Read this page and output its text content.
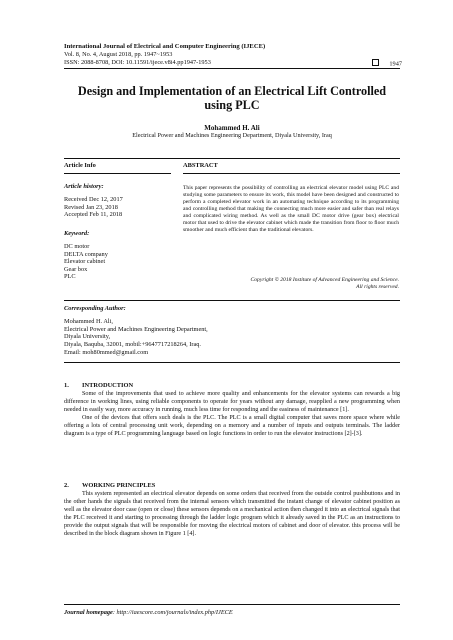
International Journal of Electrical and Computer Engineering (IJECE)
Vol. 8, No. 4, August 2018, pp. 1947~1953
ISSN: 2088-8708, DOI: 10.11591/ijece.v8i4.pp1947-1953	1947
Design and Implementation of an Electrical Lift Controlled using PLC
Mohammed H. Ali
Electrical Power and Machines Engineering Department, Diyala University, Iraq
Article Info	ABSTRACT
Article history:
Received Dec 12, 2017
Revised Jan 23, 2018
Accepted Feb 11, 2018
Keyword:
DC motor
DELTA company
Elevator cabinet
Gear box
PLC
This paper represents the possibility of controlling an electrical elevator model using PLC and studying some parameters to ensure its work, this model have been designed and constructed to perform a completed elevator work in an automating technique according to its programming and controlling method that making the connecting much more easier and safer than real relays and complicated wiring method. As well as the small DC motor drive (gear box) electrical motor that used to drive the elevator cabinet which made the transition from floor to floor much smoother and much efficient than the traditional elevators.
Copyright © 2018 Institute of Advanced Engineering and Science.
All rights reserved.
Corresponding Author:
Mohammed H. Ali,
Electrical Power and Machines Engineering Department,
Diyala University,
Diyala, Baquba, 32001, mobil:+9647717218264, Iraq.
Email: moh80mmed@gmail.com
1. INTRODUCTION

Some of the improvements that used to achieve more quality and enhancements for the elevator systems can rewards a big difference in working lines, using reliable components to operate for years without any damage, reapplied a new programming when needed in easily way, more accuracy in running, much less time for responding and the easiness of maintenance [1].

One of the devices that offers such deals is the PLC. The PLC is a small digital computer that saves more space where while offering a lots of central processing unit work, depending on a memory and a number of inputs and outputs terminals. The ladder diagram is a type of PLC programming language based on logic functions in order to run the elevator instructions [2]-[3].

2. WORKING PRINCIPLES

This system represented an electrical elevator depends on some orders that received from the outside control pushbuttons and in the other hands the signals that received from the internal sensors which transmitted the instant change of elevator cabinet position as well as the elevator door case (open or close) these sensors depends on a mechanical action then changed it into an electrical signals that the PLC received it and starting to processing through the ladder logic program which it already saved in the PLC as an instructions to provide the output signals that will be responsible for moving the electrical motors of cabinet and door of elevator. this process will be described in the block diagram shown in Figure 1 [4].

Journal homepage: http://iaescore.com/journals/index.php/IJECE
